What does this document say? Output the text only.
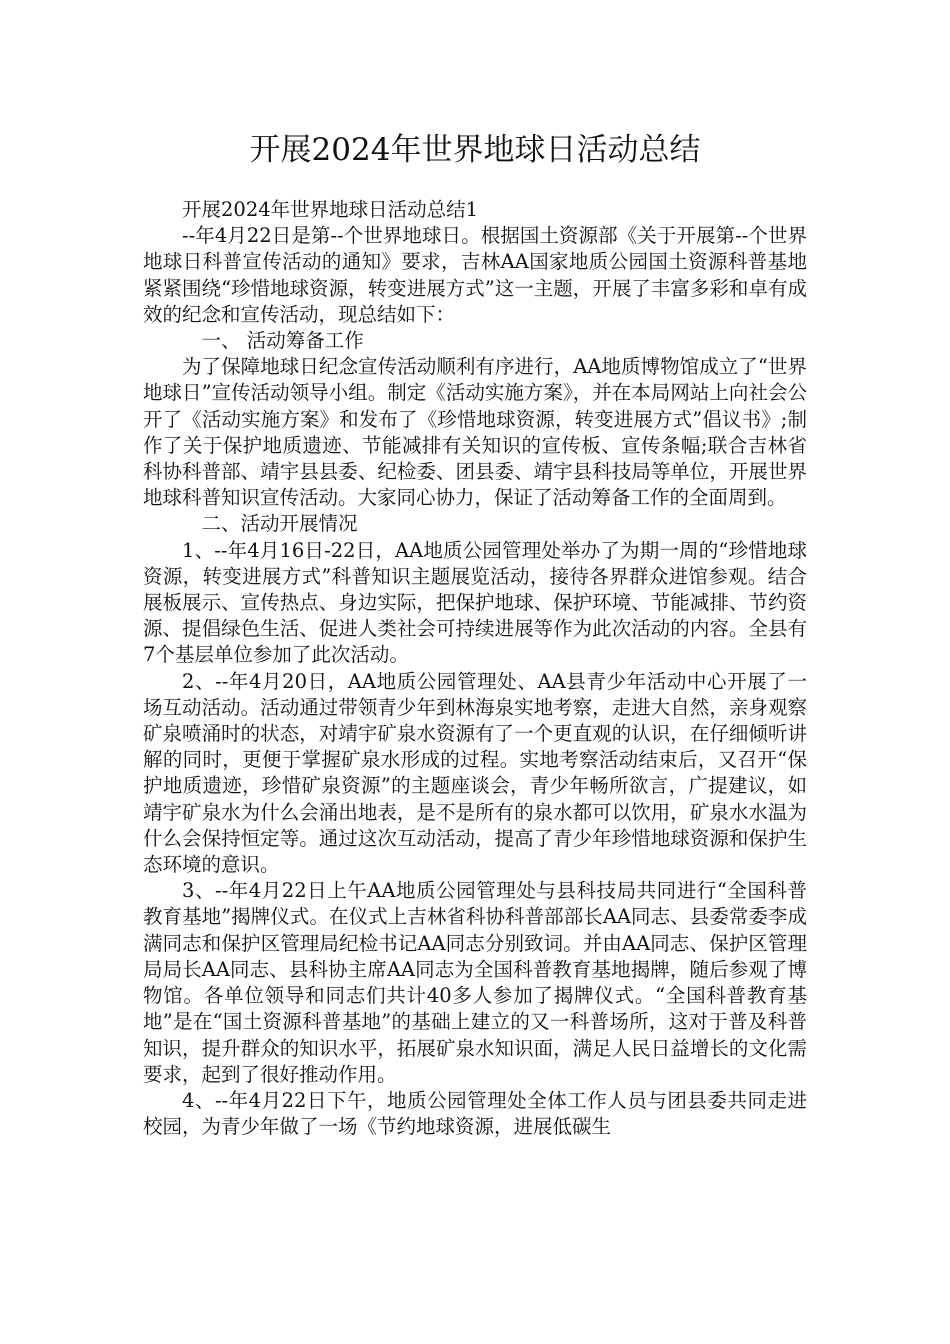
开展2024年世界地球日活动总结

开展2024年世界地球日活动总结1

--年4月22日是第--个世界地球日。根据国土资源部《关于开展第--个世界地球日科普宣传活动的通知》要求，吉林AA国家地质公园国土资源科普基地紧紧围绕“珍惜地球资源，转变进展方式”这一主题，开展了丰富多彩和卓有成效的纪念和宣传活动，现总结如下：

一、 活动筹备工作

为了保障地球日纪念宣传活动顺利有序进行，AA地质博物馆成立了“世界地球日”宣传活动领导小组。制定《活动实施方案》，并在本局网站上向社会公开了《活动实施方案》和发布了《珍惜地球资源，转变进展方式”倡议书》;制作了关于保护地质遗迹、节能减排有关知识的宣传板、宣传条幅;联合吉林省科协科普部、靖宇县县委、纪检委、团县委、靖宇县科技局等单位，开展世界地球科普知识宣传活动。大家同心协力，保证了活动筹备工作的全面周到。

二、活动开展情况

1、--年4月16日-22日，AA地质公园管理处举办了为期一周的“珍惜地球资源，转变进展方式”科普知识主题展览活动，接待各界群众进馆参观。结合展板展示、宣传热点、身边实际，把保护地球、保护环境、节能减排、节约资源、提倡绿色生活、促进人类社会可持续进展等作为此次活动的内容。全县有7个基层单位参加了此次活动。

2、--年4月20日，AA地质公园管理处、AA县青少年活动中心开展了一场互动活动。活动通过带领青少年到林海泉实地考察，走进大自然，亲身观察矿泉喷涌时的状态，对靖宇矿泉水资源有了一个更直观的认识，在仔细倾听讲解的同时，更便于掌握矿泉水形成的过程。实地考察活动结束后，又召开“保护地质遗迹，珍惜矿泉资源”的主题座谈会，青少年畅所欲言，广提建议，如靖宇矿泉水为什么会涌出地表，是不是所有的泉水都可以饮用，矿泉水水温为什么会保持恒定等。通过这次互动活动，提高了青少年珍惜地球资源和保护生态环境的意识。

3、--年4月22日上午AA地质公园管理处与县科技局共同进行“全国科普教育基地”揭牌仪式。在仪式上吉林省科协科普部部长AA同志、县委常委李成满同志和保护区管理局纪检书记AA同志分别致词。并由AA同志、保护区管理局局长AA同志、县科协主席AA同志为全国科普教育基地揭牌，随后参观了博物馆。各单位领导和同志们共计40多人参加了揭牌仪式。“全国科普教育基地”是在“国土资源科普基地”的基础上建立的又一科普场所，这对于普及科普知识，提升群众的知识水平，拓展矿泉水知识面，满足人民日益增长的文化需要求，起到了很好推动作用。

4、--年4月22日下午，地质公园管理处全体工作人员与团县委共同走进校园，为青少年做了一场《节约地球资源，进展低碳生
